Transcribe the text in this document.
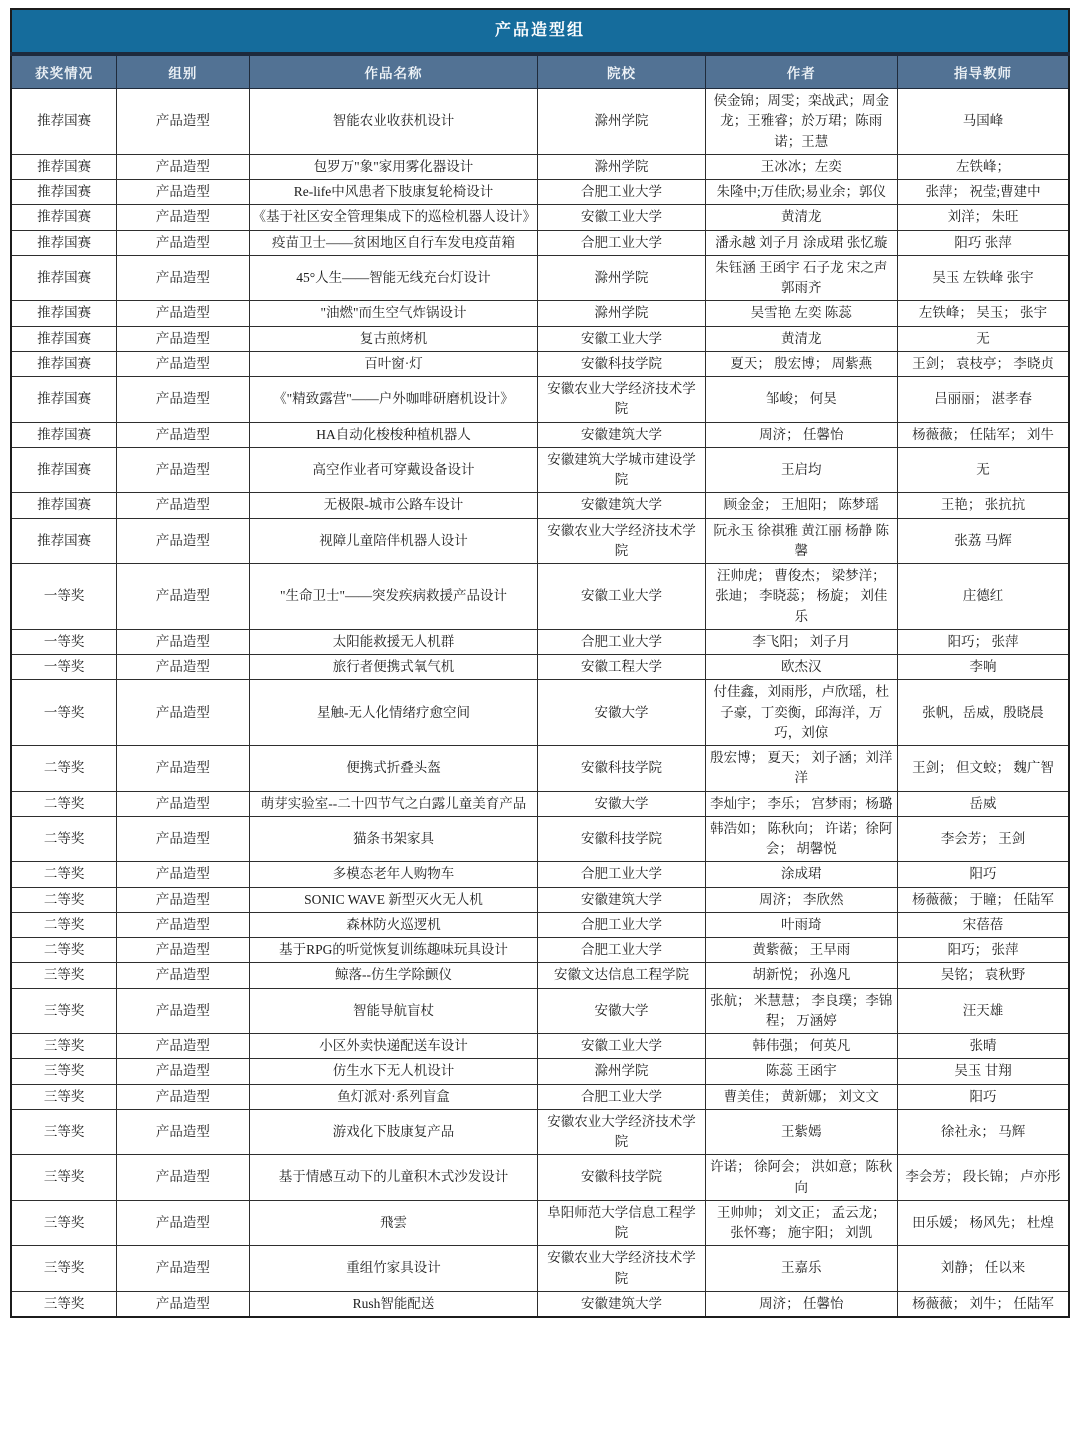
产品造型组					
获奖情况	组别	作品名称	院校	作者	指导教师
推荐国赛	产品造型	智能农业收获机设计	滁州学院	侯金锦；周雯；栾战武；周金龙；王雅睿；於万珺；陈雨诺；王慧	马国峰
推荐国赛	产品造型	包罗万"象"家用雾化器设计	滁州学院	王冰冰；左奕	左铁峰；
推荐国赛	产品造型	Re-life中风患者下肢康复轮椅设计	合肥工业大学	朱隆中;万佳欣;易业余；郭仪	张萍； 祝莹;曹建中
推荐国赛	产品造型	《基于社区安全管理集成下的巡检机器人设计》	安徽工业大学	黄清龙	刘洋； 朱旺
推荐国赛	产品造型	疫苗卫士——贫困地区自行车发电疫苗箱	合肥工业大学	潘永越 刘子月 涂成珺 张忆璇	阳巧 张萍
推荐国赛	产品造型	45°人生——智能无线充台灯设计	滁州学院	朱钰涵 王函宇 石子龙 宋之声 郭雨齐	吴玉 左铁峰 张宇
推荐国赛	产品造型	"油燃"而生空气炸锅设计	滁州学院	吴雪艳 左奕 陈蕊	左铁峰； 吴玉； 张宇
推荐国赛	产品造型	复古煎烤机	安徽工业大学	黄清龙	无
推荐国赛	产品造型	百叶窗·灯	安徽科技学院	夏天； 殷宏博； 周紫燕	王剑； 袁枝亭； 李晓贞
推荐国赛	产品造型	《"精致露营"——户外咖啡研磨机设计》	安徽农业大学经济技术学院	邹峻； 何昊	吕丽丽； 湛孝春
推荐国赛	产品造型	HA自动化梭梭种植机器人	安徽建筑大学	周济； 任馨怡	杨薇薇； 任陆军； 刘牛
推荐国赛	产品造型	高空作业者可穿戴设备设计	安徽建筑大学城市建设学院	王启均	无
推荐国赛	产品造型	无极限-城市公路车设计	安徽建筑大学	顾金金； 王旭阳； 陈梦瑶	王艳； 张抗抗
推荐国赛	产品造型	视障儿童陪伴机器人设计	安徽农业大学经济技术学院	阮永玉 徐祺雅 黄江丽 杨静 陈馨	张荔 马辉
一等奖	产品造型	"生命卫士"——突发疾病救援产品设计	安徽工业大学	汪帅虎； 曹俊杰； 梁梦洋； 张迪； 李晓蕊； 杨旋； 刘佳乐	庄德红
一等奖	产品造型	太阳能救援无人机群	合肥工业大学	李飞阳； 刘子月	阳巧； 张萍
一等奖	产品造型	旅行者便携式氧气机	安徽工程大学	欧杰汉	李响
一等奖	产品造型	星触-无人化情绪疗愈空间	安徽大学	付佳鑫，刘雨彤，卢欣瑶，杜子豪，丁奕衡，邱海洋，万巧，刘倞	张帆，岳威，殷晓晨
二等奖	产品造型	便携式折叠头盔	安徽科技学院	殷宏博； 夏天； 刘子涵；刘洋洋	王剑； 但文蛟； 魏广智
二等奖	产品造型	萌芽实验室--二十四节气之白露儿童美育产品	安徽大学	李灿宇； 李乐； 宫梦雨；杨璐	岳威
二等奖	产品造型	猫条书架家具	安徽科技学院	韩浩如； 陈秋向； 许诺；徐阿会； 胡馨悦	李会芳； 王剑
二等奖	产品造型	多模态老年人购物车	合肥工业大学	涂成珺	阳巧
二等奖	产品造型	SONIC WAVE 新型灭火无人机	安徽建筑大学	周济； 李欣然	杨薇薇； 于瞳； 任陆军
二等奖	产品造型	森林防火巡逻机	合肥工业大学	叶雨琦	宋蓓蓓
二等奖	产品造型	基于RPG的听觉恢复训练趣味玩具设计	合肥工业大学	黄紫薇； 王早雨	阳巧； 张萍
三等奖	产品造型	鲸落--仿生学除颤仪	安徽文达信息工程学院	胡新悦； 孙逸凡	吴铭； 袁秋野
三等奖	产品造型	智能导航盲杖	安徽大学	张航； 米慧慧； 李良璞；李锦程； 万涵婷	汪天雄
三等奖	产品造型	小区外卖快递配送车设计	安徽工业大学	韩伟强； 何英凡	张晴
三等奖	产品造型	仿生水下无人机设计	滁州学院	陈蕊 王函宇	吴玉 甘翔
三等奖	产品造型	鱼灯派对·系列盲盒	合肥工业大学	曹美佳； 黄新娜； 刘文文	阳巧
三等奖	产品造型	游戏化下肢康复产品	安徽农业大学经济技术学院	王紫嫣	徐社永； 马辉
三等奖	产品造型	基于情感互动下的儿童积木式沙发设计	安徽科技学院	许诺； 徐阿会； 洪如意；陈秋向	李会芳； 段长锦； 卢亦彤
三等奖	产品造型	飛雲	阜阳师范大学信息工程学院	王帅帅； 刘文正； 孟云龙； 张怀骞； 施宇阳； 刘凯	田乐媛； 杨风先； 杜煌
三等奖	产品造型	重组竹家具设计	安徽农业大学经济技术学院	王嘉乐	刘静； 任以来
三等奖	产品造型	Rush智能配送	安徽建筑大学	周济； 任馨怡	杨薇薇； 刘牛； 任陆军
